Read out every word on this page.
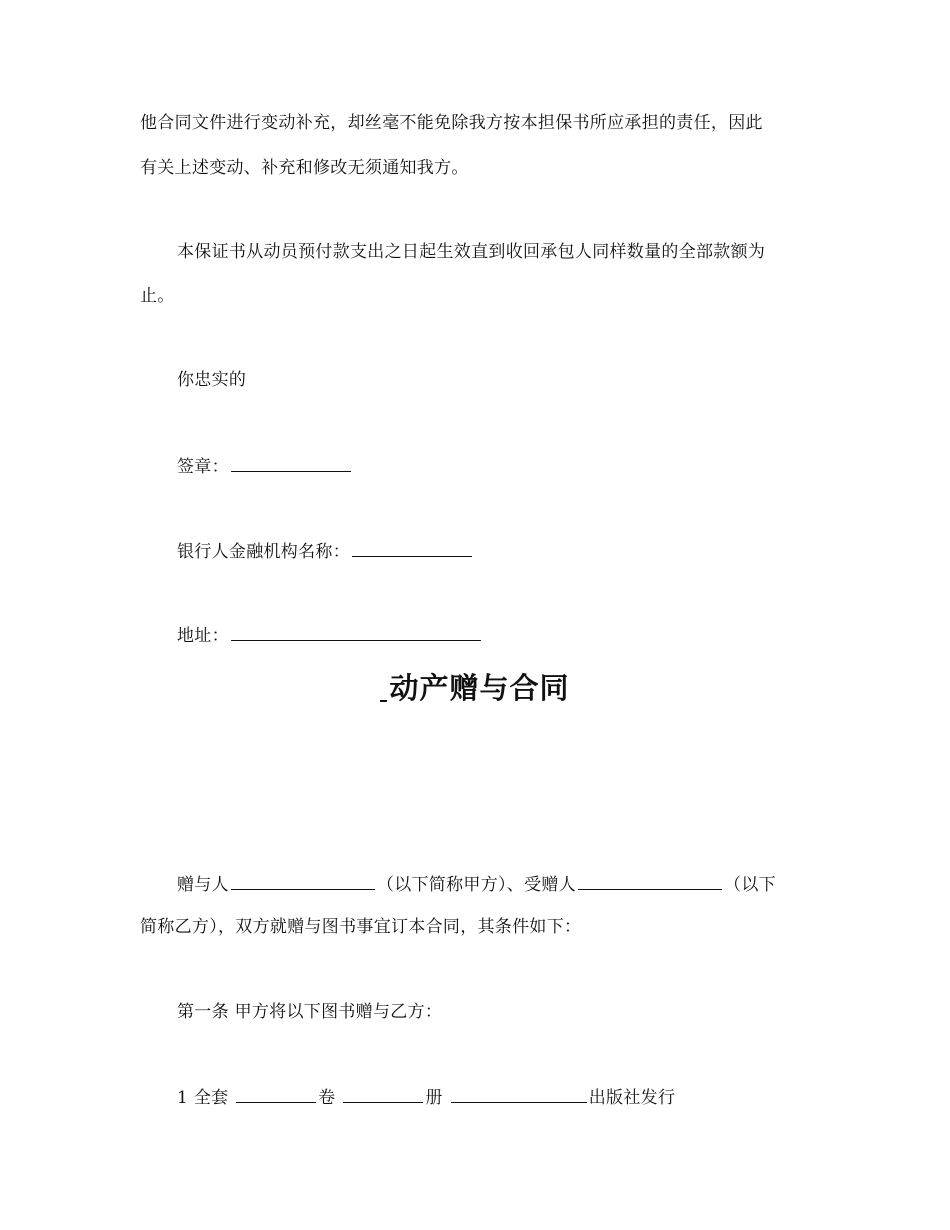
他合同文件进行变动补充，却丝毫不能免除我方按本担保书所应承担的责任，因此
有关上述变动、补充和修改无须通知我方。
本保证书从动员预付款支出之日起生效直到收回承包人同样数量的全部款额为
止。
你忠实的
签章：
银行人金融机构名称：
地址：
动产赠与合同
赠与人	（以下简称甲方）、受赠人	（以下
简称乙方），双方就赠与图书事宜订本合同，其条件如下：
第一条 甲方将以下图书赠与乙方：
1 全套	卷	册	出版社发行
